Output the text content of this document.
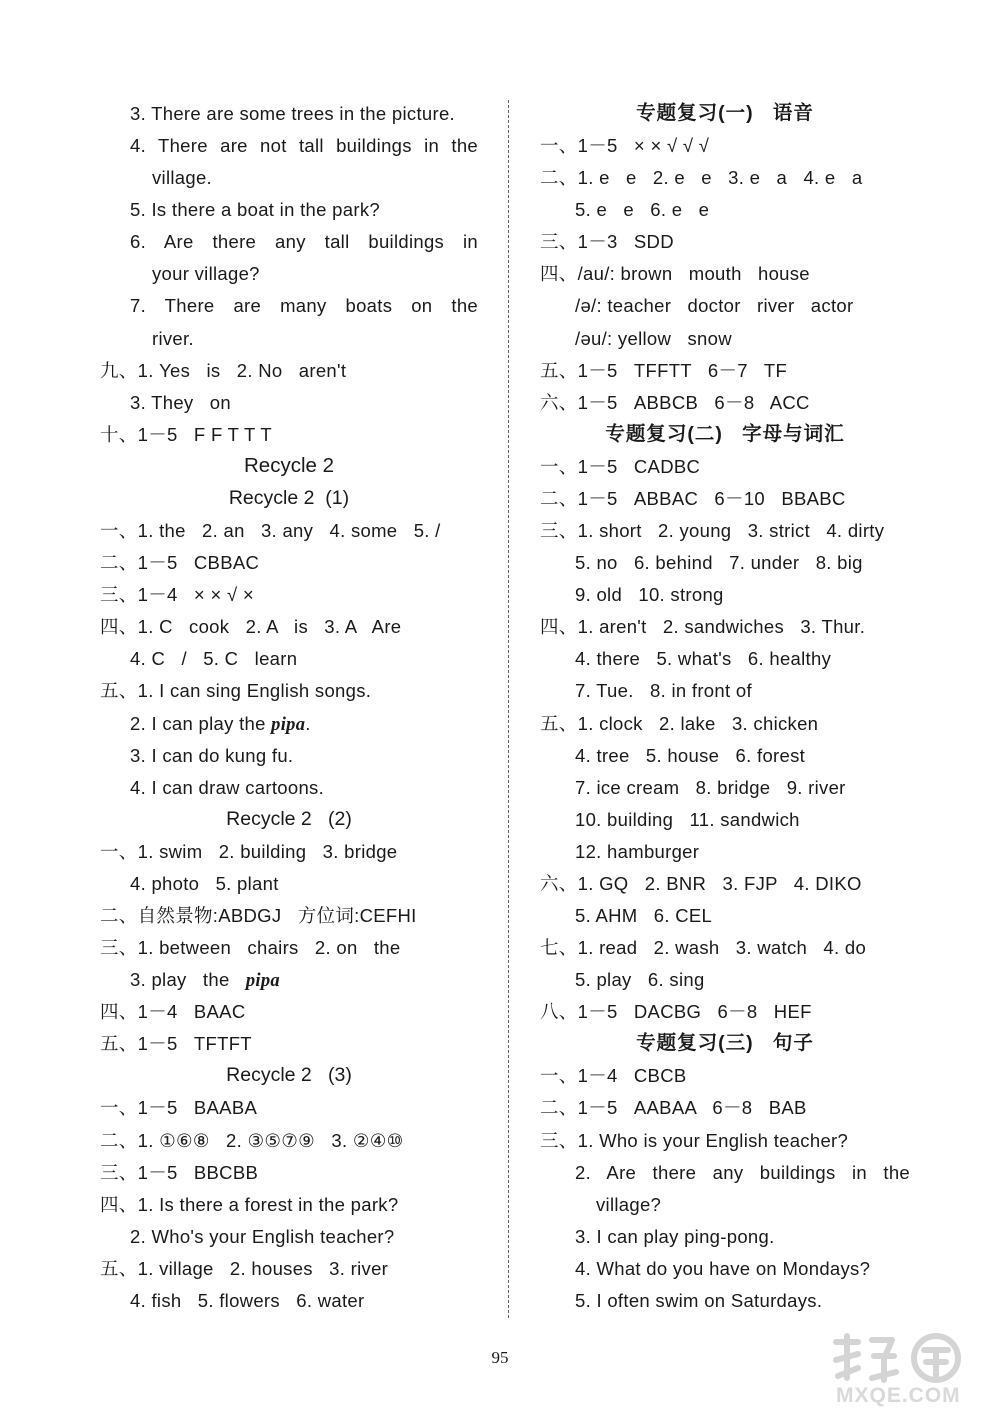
3. There are some trees in the picture.
4. There are not tall buildings in the
village.
5. Is there a boat in the park?
6. Are there any tall buildings in
your village?
7. There are many boats on the
river.
九、1. Yes   is   2. No   aren't
3. They   on
十、1－5   F F T T T
Recycle 2
Recycle 2  (1)
一、1. the   2. an   3. any   4. some   5. /
二、1－5   CBBAC
三、1－4   × × √ ×
四、1. C   cook   2. A   is   3. A   Are
4. C   /   5. C   learn
五、1. I can sing English songs.
2. I can play the pipa.
3. I can do kung fu.
4. I can draw cartoons.
Recycle 2   (2)
一、1. swim   2. building   3. bridge
4. photo   5. plant
二、自然景物:ABDGJ   方位词:CEFHI
三、1. between   chairs   2. on   the
3. play   the   pipa
四、1－4   BAAC
五、1－5   TFTFT
Recycle 2   (3)
一、1－5   BAABA
二、1. ①⑥⑧   2. ③⑤⑦⑨   3. ②④⑩
三、1－5   BBCBB
四、1. Is there a forest in the park?
2. Who's your English teacher?
五、1. village   2. houses   3. river
4. fish   5. flowers   6. water
专题复习(一)   语音
一、1－5   × × √ √ √
二、1. e   e   2. e   e   3. e   a   4. e   a
5. e   e   6. e   e
三、1－3   SDD
四、/au/: brown   mouth   house
/ə/: teacher   doctor   river   actor
/əu/: yellow   snow
五、1－5   TFFTT   6－7   TF
六、1－5   ABBCB   6－8   ACC
专题复习(二)   字母与词汇
一、1－5   CADBC
二、1－5   ABBAC   6－10   BBABC
三、1. short   2. young   3. strict   4. dirty
5. no   6. behind   7. under   8. big
9. old   10. strong
四、1. aren't   2. sandwiches   3. Thur.
4. there   5. what's   6. healthy
7. Tue.   8. in front of
五、1. clock   2. lake   3. chicken
4. tree   5. house   6. forest
7. ice cream   8. bridge   9. river
10. building   11. sandwich
12. hamburger
六、1. GQ   2. BNR   3. FJP   4. DIKO
5. AHM   6. CEL
七、1. read   2. wash   3. watch   4. do
5. play   6. sing
八、1－5   DACBG   6－8   HEF
专题复习(三)   句子
一、1－4   CBCB
二、1－5   AABAA   6－8   BAB
三、1. Who is your English teacher?
2. Are there any buildings in the
village?
3. I can play ping-pong.
4. What do you have on Mondays?
5. I often swim on Saturdays.
95
MXQE.COM
